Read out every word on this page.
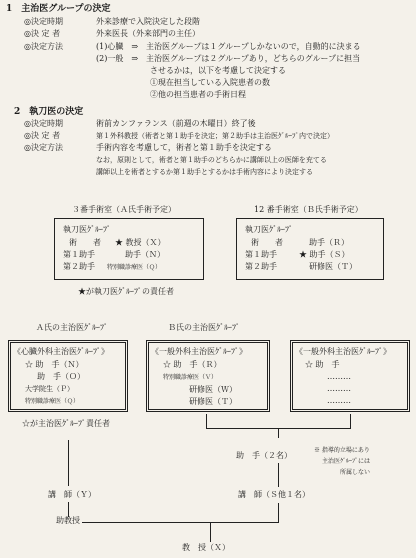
1　主治医グループの決定
◎決定時期	外来診療で入院決定した段階
◎決 定 者	外来医長（外来部門の主任）
◎決定方法	(1)心臓　⇒　主治医グループは１グループしかないので，自動的に決まる
(2)一般　⇒　主治医グループは２グループあり，どちらのグループに担当
させるかは，以下を考慮して決定する
①現在担当している入院患者の数
②他の担当患者の手術日程
2　執刀医の決定
◎決定時期	術前カンファランス（前週の木曜日）終了後
◎決 定 者	第１外科教授（術者と第１助手を決定；第２助手は主治医ｸﾞﾙｰﾌﾟ内で決定）
◎決定方法	手術内容を考慮して，術者と第１助手を決定する
なお，原則として，術者と第１助手のどちらかに講師以上の医師を充てる
講師以上を術者とするか第１助手とするかは手術内容により決定する
３番手術室（Ａ氏手術予定）
執刀医ｸﾞﾙｰﾌﾟ
術　　者 ★ 教授（Ｘ）
第１助手	助手（Ｎ）
第２助手 特別職診療医（Ｑ）
★が執刀医ｸﾞﾙｰﾌﾟの責任者
12 番手術室（Ｂ氏手術予定）
執刀医ｸﾞﾙｰﾌﾟ
術　　者	助手（Ｒ）
第１助手	★ 助手（Ｓ）
第２助手	研修医（Ｔ）
Ａ氏の主治医ｸﾞﾙｰﾌﾟ
《心臓外科主治医ｸﾞﾙｰﾌﾟ》
☆ 助　手（Ｎ）
助　手（Ｏ）
大学院生（Ｐ）
特別職診療医（Ｑ）
☆が主治医ｸﾞﾙｰﾌﾟ責任者
Ｂ氏の主治医ｸﾞﾙｰﾌﾟ
《一般外科主治医ｸﾞﾙｰﾌﾟ》
☆ 助　手（Ｒ）
特別職診療医（Ｖ）
研修医（Ｗ）
研修医（Ｔ）
《一般外科主治医ｸﾞﾙｰﾌﾟ》
☆ 助　手
………
………
………
助　手（２名）
※ 指導的立場にあり
主治医ｸﾞﾙｰﾌﾟには
所属しない
講　師（Ｙ）
助教授
講　師（Ｓ他１名）
教　授（Ｘ）
